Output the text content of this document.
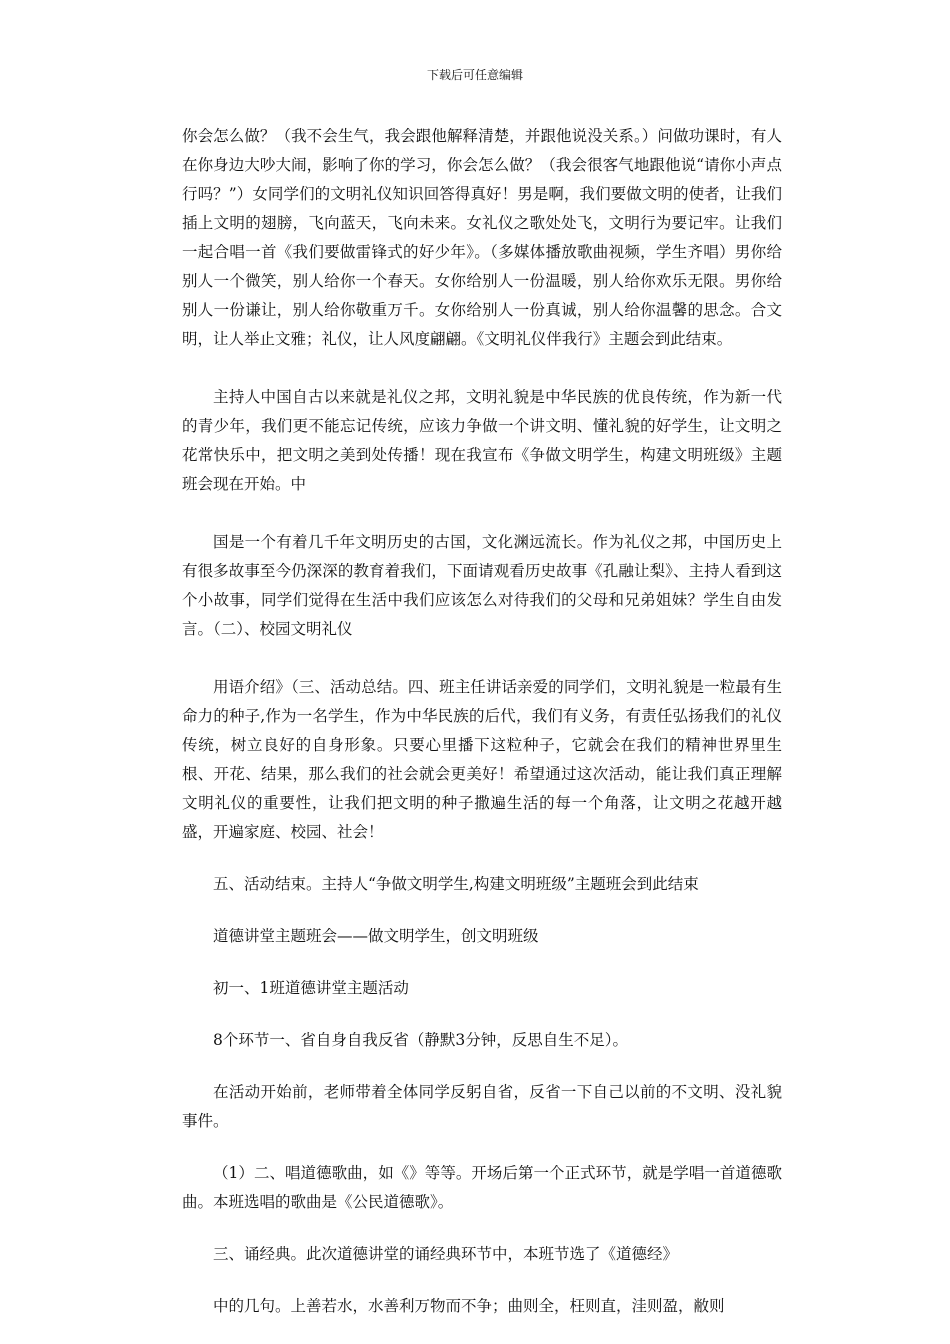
下载后可任意编辑

你会怎么做？（我不会生气，我会跟他解释清楚，并跟他说没关系。）问做功课时，有人在你身边大吵大闹，影响了你的学习，你会怎么做？（我会很客气地跟他说“请你小声点行吗？”）女同学们的文明礼仪知识回答得真好！男是啊，我们要做文明的使者，让我们插上文明的翅膀，飞向蓝天，飞向未来。女礼仪之歌处处飞，文明行为要记牢。让我们一起合唱一首《我们要做雷锋式的好少年》。（多媒体播放歌曲视频，学生齐唱）男你给别人一个微笑，别人给你一个春天。女你给别人一份温暖，别人给你欢乐无限。男你给别人一份谦让，别人给你敬重万千。女你给别人一份真诚，别人给你温馨的思念。合文明，让人举止文雅；礼仪，让人风度翩翩。《文明礼仪伴我行》主题会到此结束。

主持人中国自古以来就是礼仪之邦，文明礼貌是中华民族的优良传统，作为新一代的青少年，我们更不能忘记传统，应该力争做一个讲文明、懂礼貌的好学生，让文明之花常快乐中，把文明之美到处传播！现在我宣布《争做文明学生，构建文明班级》主题班会现在开始。中

国是一个有着几千年文明历史的古国，文化渊远流长。作为礼仪之邦，中国历史上有很多故事至今仍深深的教育着我们，下面请观看历史故事《孔融让梨》、主持人看到这个小故事，同学们觉得在生活中我们应该怎么对待我们的父母和兄弟姐妹？学生自由发言。（二）、校园文明礼仪

用语介绍》（三、活动总结。四、班主任讲话亲爱的同学们，文明礼貌是一粒最有生命力的种子,作为一名学生，作为中华民族的后代，我们有义务，有责任弘扬我们的礼仪传统，树立良好的自身形象。只要心里播下这粒种子，它就会在我们的精神世界里生根、开花、结果，那么我们的社会就会更美好！希望通过这次活动，能让我们真正理解文明礼仪的重要性，让我们把文明的种子撒遍生活的每一个角落，让文明之花越开越盛，开遍家庭、校园、社会！

五、活动结束。主持人“争做文明学生,构建文明班级”主题班会到此结束

道德讲堂主题班会——做文明学生，创文明班级

初一、1班道德讲堂主题活动

8个环节一、省自身自我反省（静默3分钟，反思自生不足）。

在活动开始前，老师带着全体同学反躬自省，反省一下自己以前的不文明、没礼貌事件。

（1）二、唱道德歌曲，如《》等等。开场后第一个正式环节，就是学唱一首道德歌曲。本班选唱的歌曲是《公民道德歌》。

三、诵经典。此次道德讲堂的诵经典环节中，本班节选了《道德经》

中的几句。上善若水，水善利万物而不争；曲则全，枉则直，洼则盈，敝则
